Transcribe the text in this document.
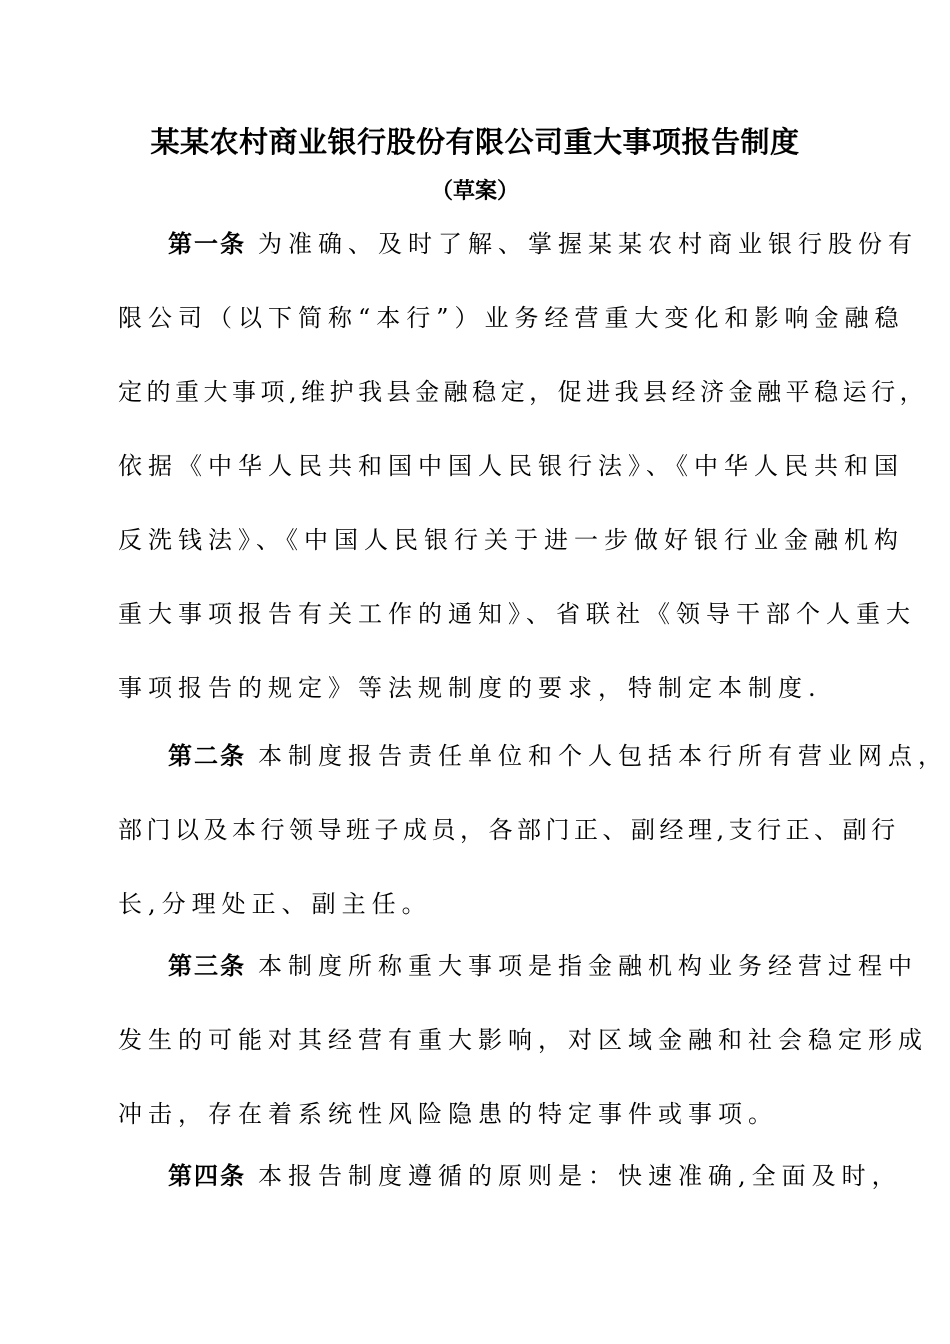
某某农村商业银行股份有限公司重大事项报告制度
（草案）
第一条 为准确、及时了解、掌握某某农村商业银行股份有
限公司（以下简称“本行”）业务经营重大变化和影响金融稳
定的重大事项,维护我县金融稳定，促进我县经济金融平稳运行，
依据《中华人民共和国中国人民银行法》、《中华人民共和国
反洗钱法》、《中国人民银行关于进一步做好银行业金融机构
重大事项报告有关工作的通知》、省联社《领导干部个人重大
事项报告的规定》等法规制度的要求，特制定本制度.
第二条 本制度报告责任单位和个人包括本行所有营业网点，
部门以及本行领导班子成员，各部门正、副经理,支行正、副行
长,分理处正、副主任。
第三条 本制度所称重大事项是指金融机构业务经营过程中
发生的可能对其经营有重大影响，对区域金融和社会稳定形成
冲击，存在着系统性风险隐患的特定事件或事项。
第四条 本报告制度遵循的原则是：快速准确,全面及时，
